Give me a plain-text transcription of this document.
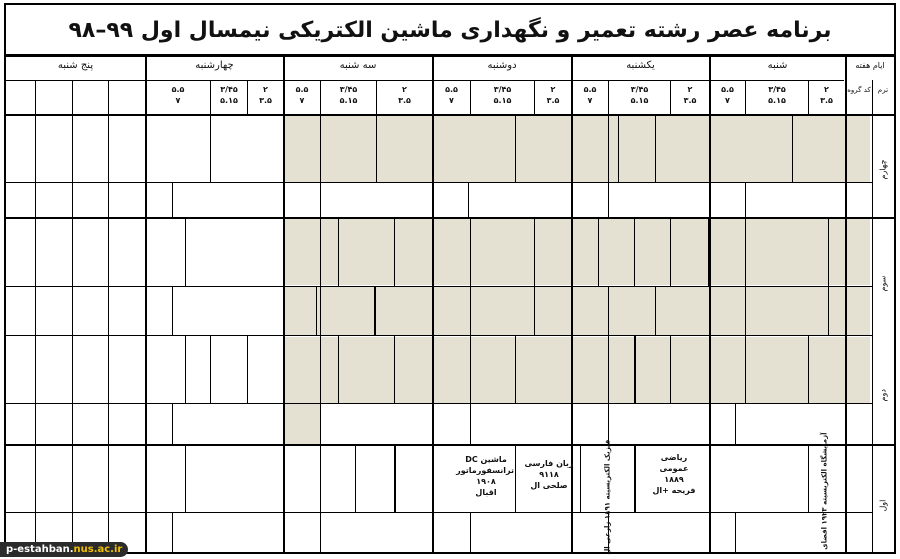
برنامه عصر رشته تعمیر و نگهداری ماشین الکتریکی نیمسال اول ۹۹–۹۸
ایام هفته
شنبه
یکشنبه
دوشنبه
سه شنبه
چهارشنبه
پنج شنبه
ترم
کد گروه
۲
۳.۵
۳/۴۵
۵.۱۵
۵.۵
۷
۲
۳.۵
۳/۴۵
۵.۱۵
۵.۵
۷
۲
۳.۵
۳/۴۵
۵.۱۵
۵.۵
۷
۲
۳.۵
۳/۴۵
۵.۱۵
۵.۵
۷
۲
۳.۵
۳/۴۵
۵.۱۵
۵.۵
۷
چهارم
سوم
دوم
اول
آزمایشگاه الکتریسیته ۱۹۲۳ افضای
ریاضی
عمومی
۱۸۸۹
فریحه +ال
فیزیک الکتریسیته ۱۸۹۱ زارعی ال
زبان فارسی
۹۱۱۸
صلحی ال
ماشین DC
ترانسفورماتور
۱۹۰۸
اقبال
p-estahban.nus.ac.ir
